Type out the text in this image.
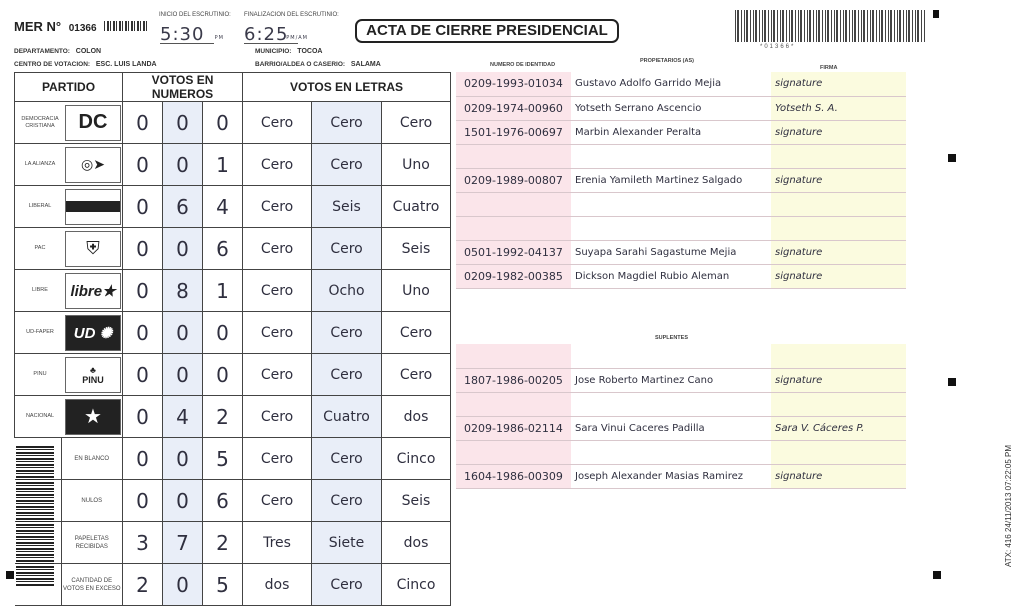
MER N° 01366
INICIO DEL ESCRUTINIO:
5:30 PM
FINALIZACION DEL ESCRUTINIO:
6:25
PM/AM	ACTA DE CIERRE PRESIDENCIAL
*01366*
DEPARTAMENTO: COLON	MUNICIPIO: TOCOA
CENTRO DE VOTACION: ESC. LUIS LANDA	BARRIO/ALDEA O CASERIO: SALAMA	NUMERO DE IDENTIDAD
PROPIETARIOS (AS)
FIRMA
SUPLENTES
PARTIDO	VOTOS EN NUMEROS			VOTOS EN LETRAS		

DEMOCRACIA CRISTIANA DC	0	0	0	Cero	Cero	Cero

LA ALIANZA ◎➤	0	0	1	Cero	Cero	Uno

LIBERAL	0	6	4	Cero	Seis	Cuatro

PAC ⛨	0	0	6	Cero	Cero	Seis

LIBRE libre★	0	8	1	Cero	Ocho	Uno

UD-FAPER UD ✺	0	0	0	Cero	Cero	Cero

PINU ♣
PINU	0	0	0	Cero	Cero	Cero

NACIONAL ★	0	4	2	Cero	Cuatro	dos

EN BLANCO	0	0	5	Cero	Cero	Cinco

NULOS	0	0	6	Cero	Cero	Seis

PAPELETAS RECIBIDAS	3	7	2	Tres	Siete	dos

CANTIDAD DE VOTOS EN EXCESO	2	0	5	dos	Cero	Cinco
0209-1993-01034	Gustavo Adolfo Garrido Mejia	signature
0209-1974-00960	Yotseth Serrano Ascencio	Yotseth S. A.
1501-1976-00697	Marbin Alexander Peralta	signature

0209-1989-00807	Erenia Yamileth Martinez Salgado	signature

0501-1992-04137	Suyapa Sarahi Sagastume Mejia	signature
0209-1982-00385	Dickson Magdiel Rubio Aleman	signature

1807-1986-00205	Jose Roberto Martinez Cano	signature

0209-1986-02114	Sara Vinui Caceres Padilla	Sara V. Cáceres P.

1604-1986-00309	Joseph Alexander Masias Ramirez	signature	ATX: 416 24/11/2013 07:22:05 PM
